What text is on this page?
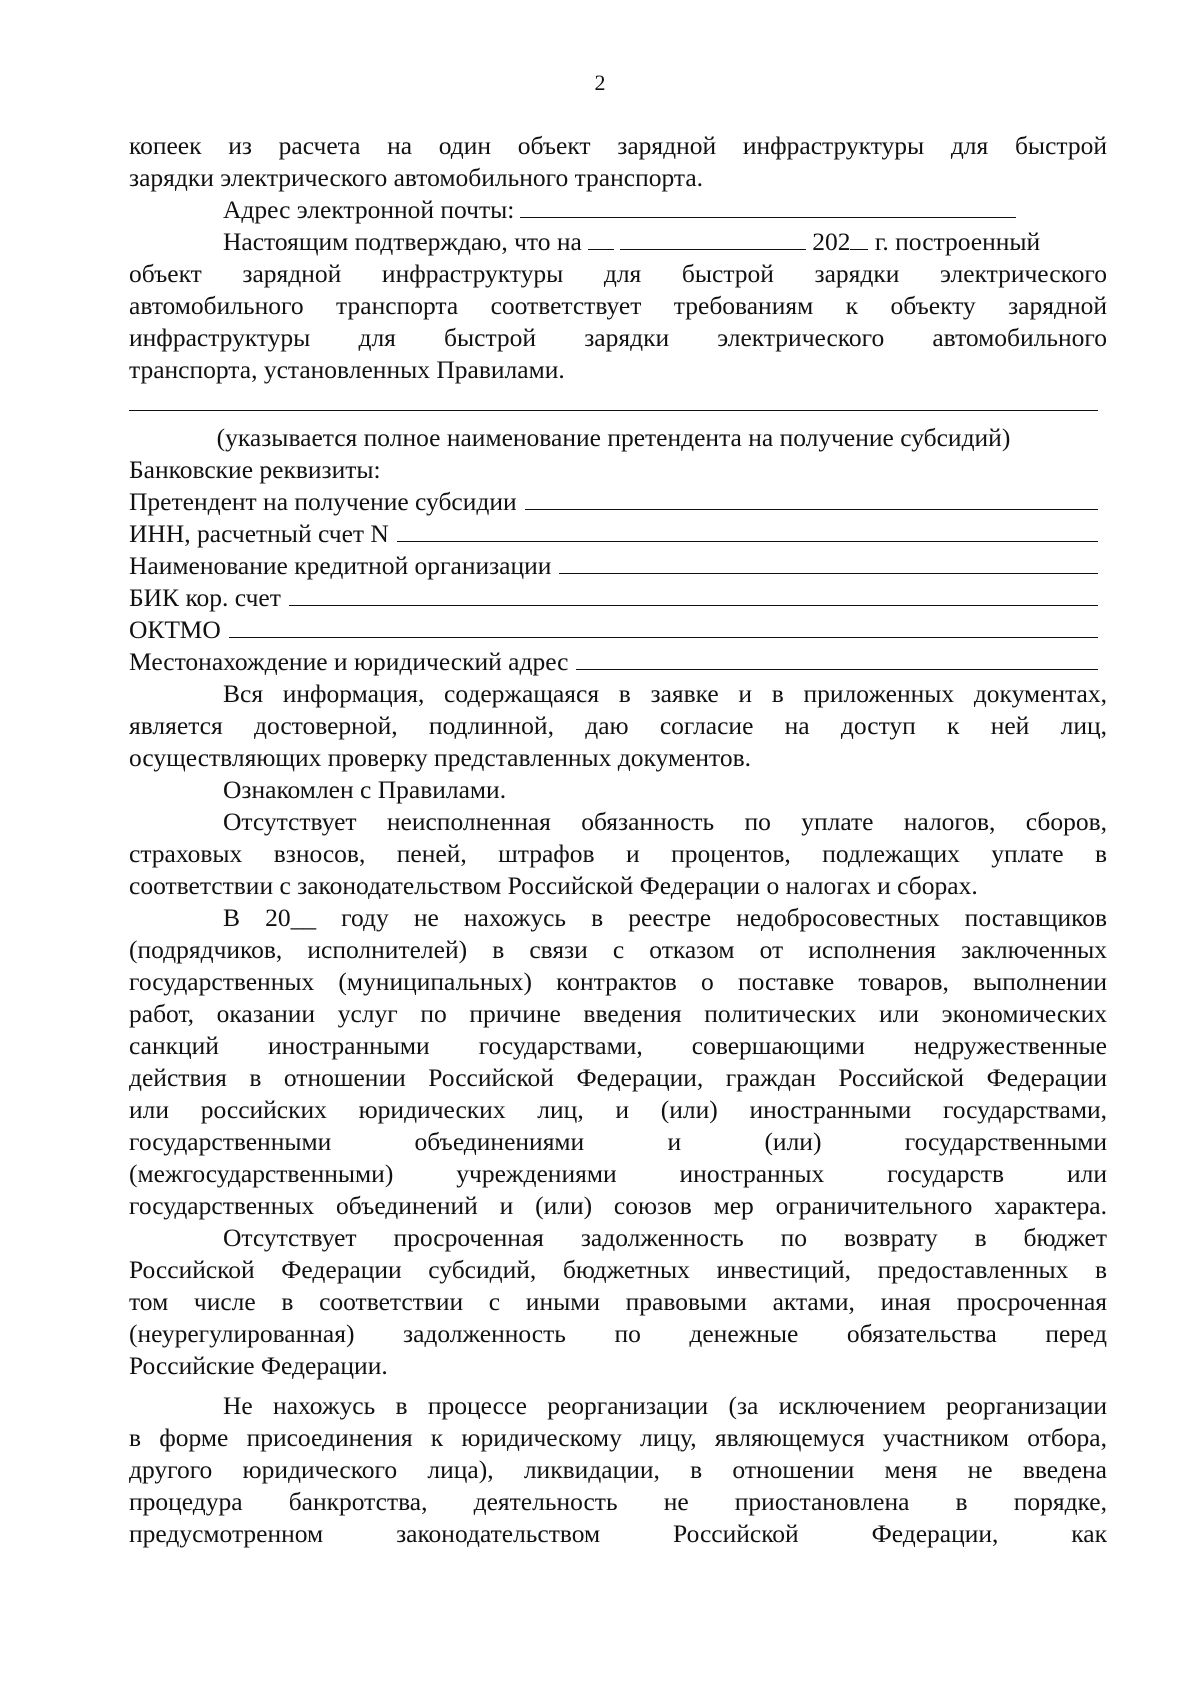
2
копеек из расчета на один объект зарядной инфраструктуры для быстрой
зарядки электрического автомобильного транспорта.
Адрес электронной почты:
Настоящим подтверждаю, что на	202 г. построенный
объект зарядной инфраструктуры для быстрой зарядки электрического
автомобильного транспорта соответствует требованиям к объекту зарядной
инфраструктуры для быстрой зарядки электрического автомобильного
транспорта, установленных Правилами.
(указывается полное наименование претендента на получение субсидий)
Банковские реквизиты:
Претендент на получение субсидии
ИНН, расчетный счет N
Наименование кредитной организации
БИК кор. счет
ОКТМО
Местонахождение и юридический адрес
Вся информация, содержащаяся в заявке и в приложенных документах,
является достоверной, подлинной, даю согласие на доступ к ней лиц,
осуществляющих проверку представленных документов.
Ознакомлен с Правилами.
Отсутствует неисполненная обязанность по уплате налогов, сборов,
страховых взносов, пеней, штрафов и процентов, подлежащих уплате в
соответствии с законодательством Российской Федерации о налогах и сборах.
В 20__ году не нахожусь в реестре недобросовестных поставщиков
(подрядчиков, исполнителей) в связи с отказом от исполнения заключенных
государственных (муниципальных) контрактов о поставке товаров, выполнении
работ, оказании услуг по причине введения политических или экономических
санкций иностранными государствами, совершающими недружественные
действия в отношении Российской Федерации, граждан Российской Федерации
или российских юридических лиц, и (или) иностранными государствами,
государственными объединениями и (или) государственными
(межгосударственными) учреждениями иностранных государств или
государственных объединений и (или) союзов мер ограничительного характера.
Отсутствует просроченная задолженность по возврату в бюджет
Российской Федерации субсидий, бюджетных инвестиций, предоставленных в
том числе в соответствии с иными правовыми актами, иная просроченная
(неурегулированная) задолженность по денежные обязательства перед
Российские Федерации.
Не нахожусь в процессе реорганизации (за исключением реорганизации
в форме присоединения к юридическому лицу, являющемуся участником отбора,
другого юридического лица), ликвидации, в отношении меня не введена
процедура банкротства, деятельность не приостановлена в порядке,
предусмотренном законодательством Российской Федерации, как
